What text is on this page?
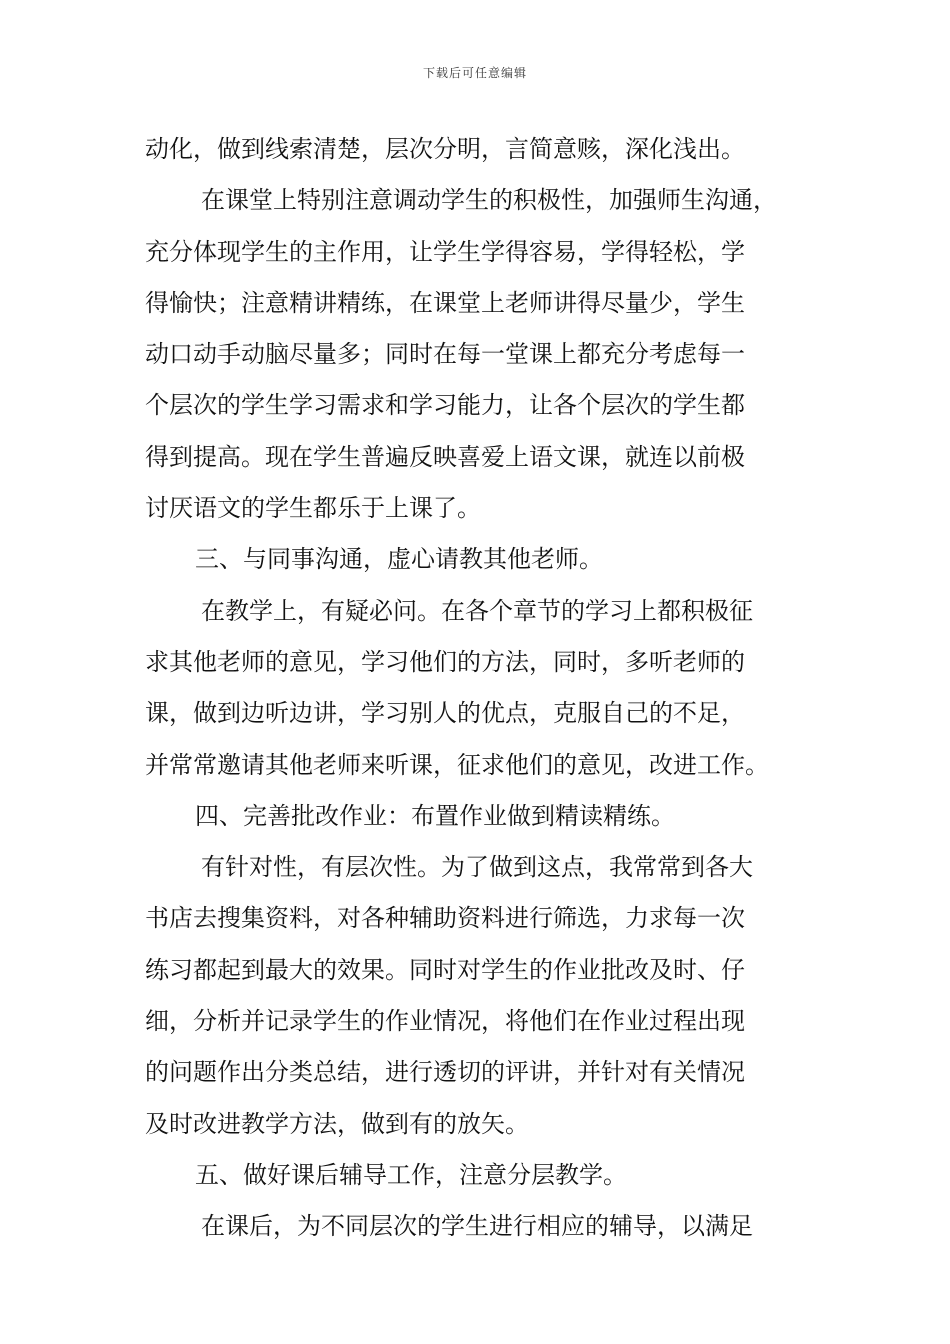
下载后可任意编辑
动化，做到线索清楚，层次分明，言简意赅，深化浅出。
在课堂上特别注意调动学生的积极性，加强师生沟通，
充分体现学生的主作用，让学生学得容易，学得轻松，学
得愉快；注意精讲精练，在课堂上老师讲得尽量少，学生
动口动手动脑尽量多；同时在每一堂课上都充分考虑每一
个层次的学生学习需求和学习能力，让各个层次的学生都
得到提高。现在学生普遍反映喜爱上语文课，就连以前极
讨厌语文的学生都乐于上课了。
三、与同事沟通，虚心请教其他老师。
在教学上，有疑必问。在各个章节的学习上都积极征
求其他老师的意见，学习他们的方法，同时，多听老师的
课，做到边听边讲，学习别人的优点，克服自己的不足，
并常常邀请其他老师来听课，征求他们的意见，改进工作。
四、完善批改作业：布置作业做到精读精练。
有针对性，有层次性。为了做到这点，我常常到各大
书店去搜集资料，对各种辅助资料进行筛选，力求每一次
练习都起到最大的效果。同时对学生的作业批改及时、仔
细，分析并记录学生的作业情况，将他们在作业过程出现
的问题作出分类总结，进行透切的评讲，并针对有关情况
及时改进教学方法，做到有的放矢。
五、做好课后辅导工作，注意分层教学。
在课后，为不同层次的学生进行相应的辅导，以满足
